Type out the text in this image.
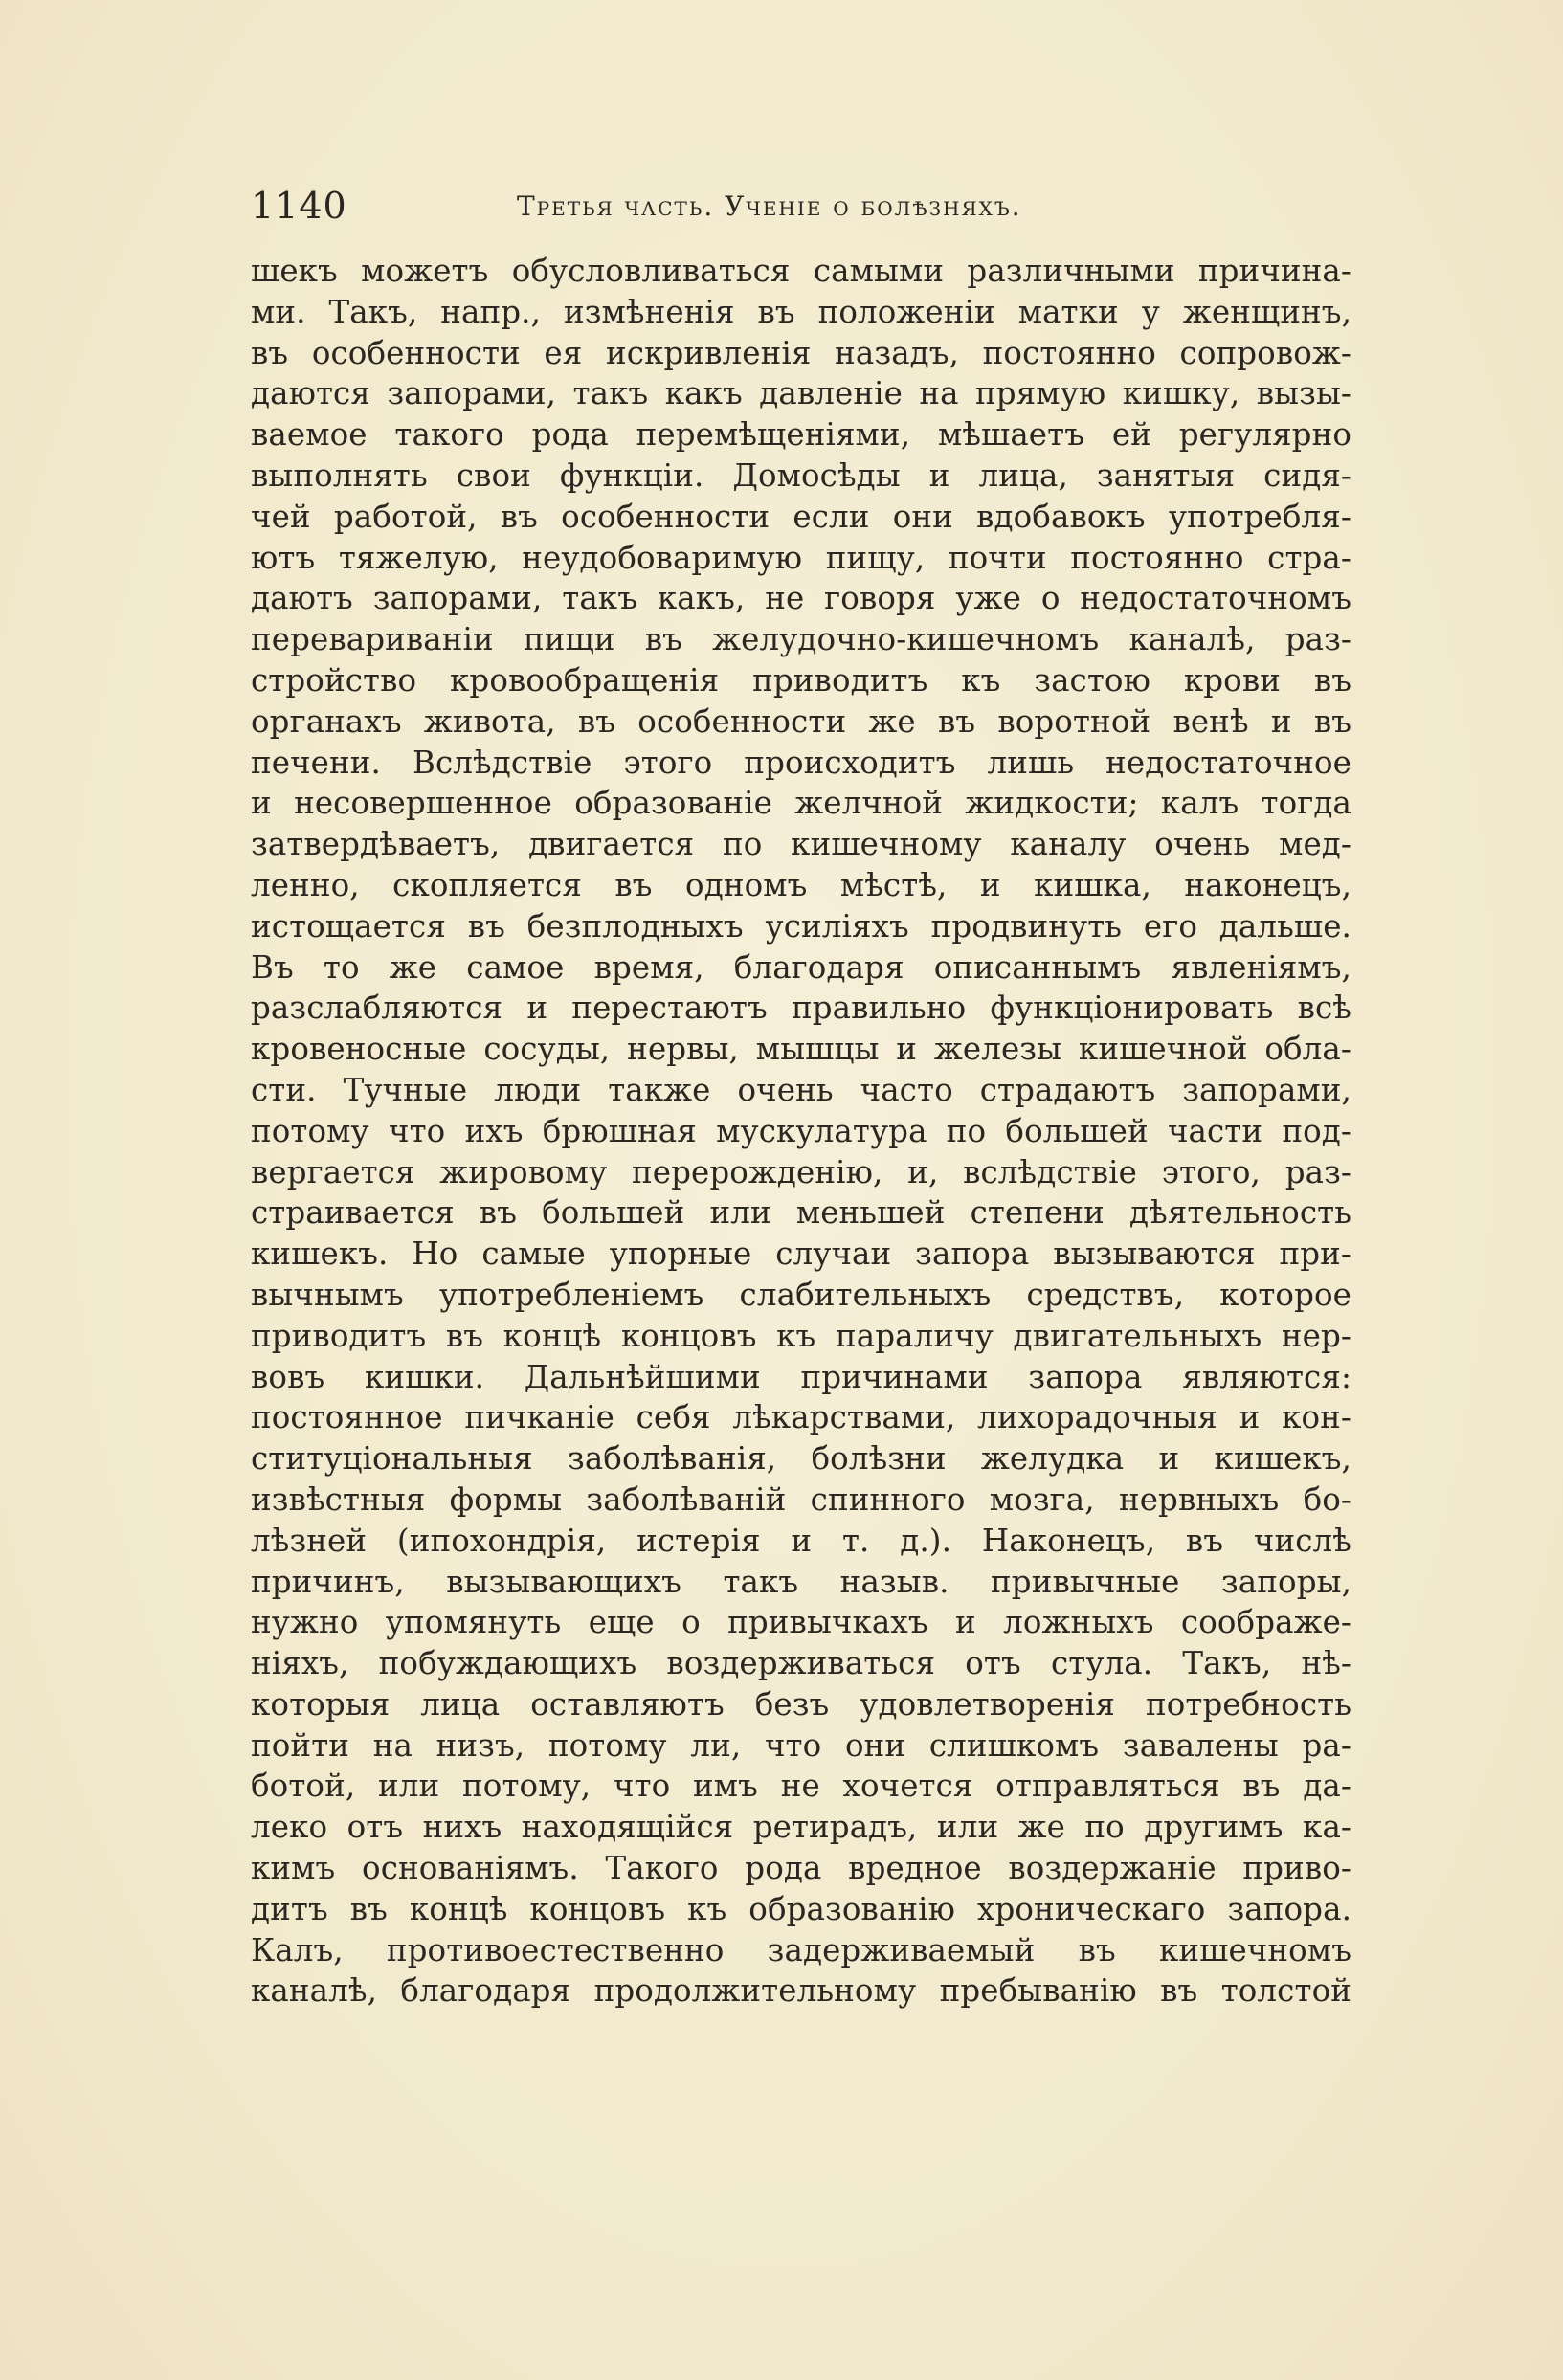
1140	Третья часть. Ученіе о болѣзняхъ.
шекъ можетъ обусловливаться самыми различными причина-
ми. Такъ, напр., измѣненія въ положеніи матки у женщинъ,
въ особенности ея искривленія назадъ, постоянно сопровож-
даются запорами, такъ какъ давленіе на прямую кишку, вызы-
ваемое такого рода перемѣщеніями, мѣшаетъ ей регулярно
выполнять свои функціи. Домосѣды и лица, занятыя сидя-
чей работой, въ особенности если они вдобавокъ употребля-
ютъ тяжелую, неудобоваримую пищу, почти постоянно стра-
даютъ запорами, такъ какъ, не говоря уже о недостаточномъ
перевариваніи пищи въ желудочно-кишечномъ каналѣ, раз-
стройство кровообращенія приводитъ къ застою крови въ
органахъ живота, въ особенности же въ воротной венѣ и въ
печени. Вслѣдствіе этого происходитъ лишь недостаточное
и несовершенное образованіе желчной жидкости; калъ тогда
затвердѣваетъ, двигается по кишечному каналу очень мед-
ленно, скопляется въ одномъ мѣстѣ, и кишка, наконецъ,
истощается въ безплодныхъ усиліяхъ продвинуть его дальше.
Въ то же самое время, благодаря описаннымъ явленіямъ,
разслабляются и перестаютъ правильно функціонировать всѣ
кровеносные сосуды, нервы, мышцы и железы кишечной обла-
сти. Тучные люди также очень часто страдаютъ запорами,
потому что ихъ брюшная мускулатура по большей части под-
вергается жировому перерожденію, и, вслѣдствіе этого, раз-
страивается въ большей или меньшей степени дѣятельность
кишекъ. Но самые упорные случаи запора вызываются при-
вычнымъ употребленіемъ слабительныхъ средствъ, которое
приводитъ въ концѣ концовъ къ параличу двигательныхъ нер-
вовъ кишки. Дальнѣйшими причинами запора являются:
постоянное пичканіе себя лѣкарствами, лихорадочныя и кон-
ституціональныя заболѣванія, болѣзни желудка и кишекъ,
извѣстныя формы заболѣваній спинного мозга, нервныхъ бо-
лѣзней (ипохондрія, истерія и т. д.). Наконецъ, въ числѣ
причинъ, вызывающихъ такъ назыв. привычные запоры,
нужно упомянуть еще о привычкахъ и ложныхъ соображе-
ніяхъ, побуждающихъ воздерживаться отъ стула. Такъ, нѣ-
которыя лица оставляютъ безъ удовлетворенія потребность
пойти на низъ, потому ли, что они слишкомъ завалены ра-
ботой, или потому, что имъ не хочется отправляться въ да-
леко отъ нихъ находящійся ретирадъ, или же по другимъ ка-
кимъ основаніямъ. Такого рода вредное воздержаніе приво-
дитъ въ концѣ концовъ къ образованію хроническаго запора.
Калъ, противоестественно задерживаемый въ кишечномъ
каналѣ, благодаря продолжительному пребыванію въ толстой
